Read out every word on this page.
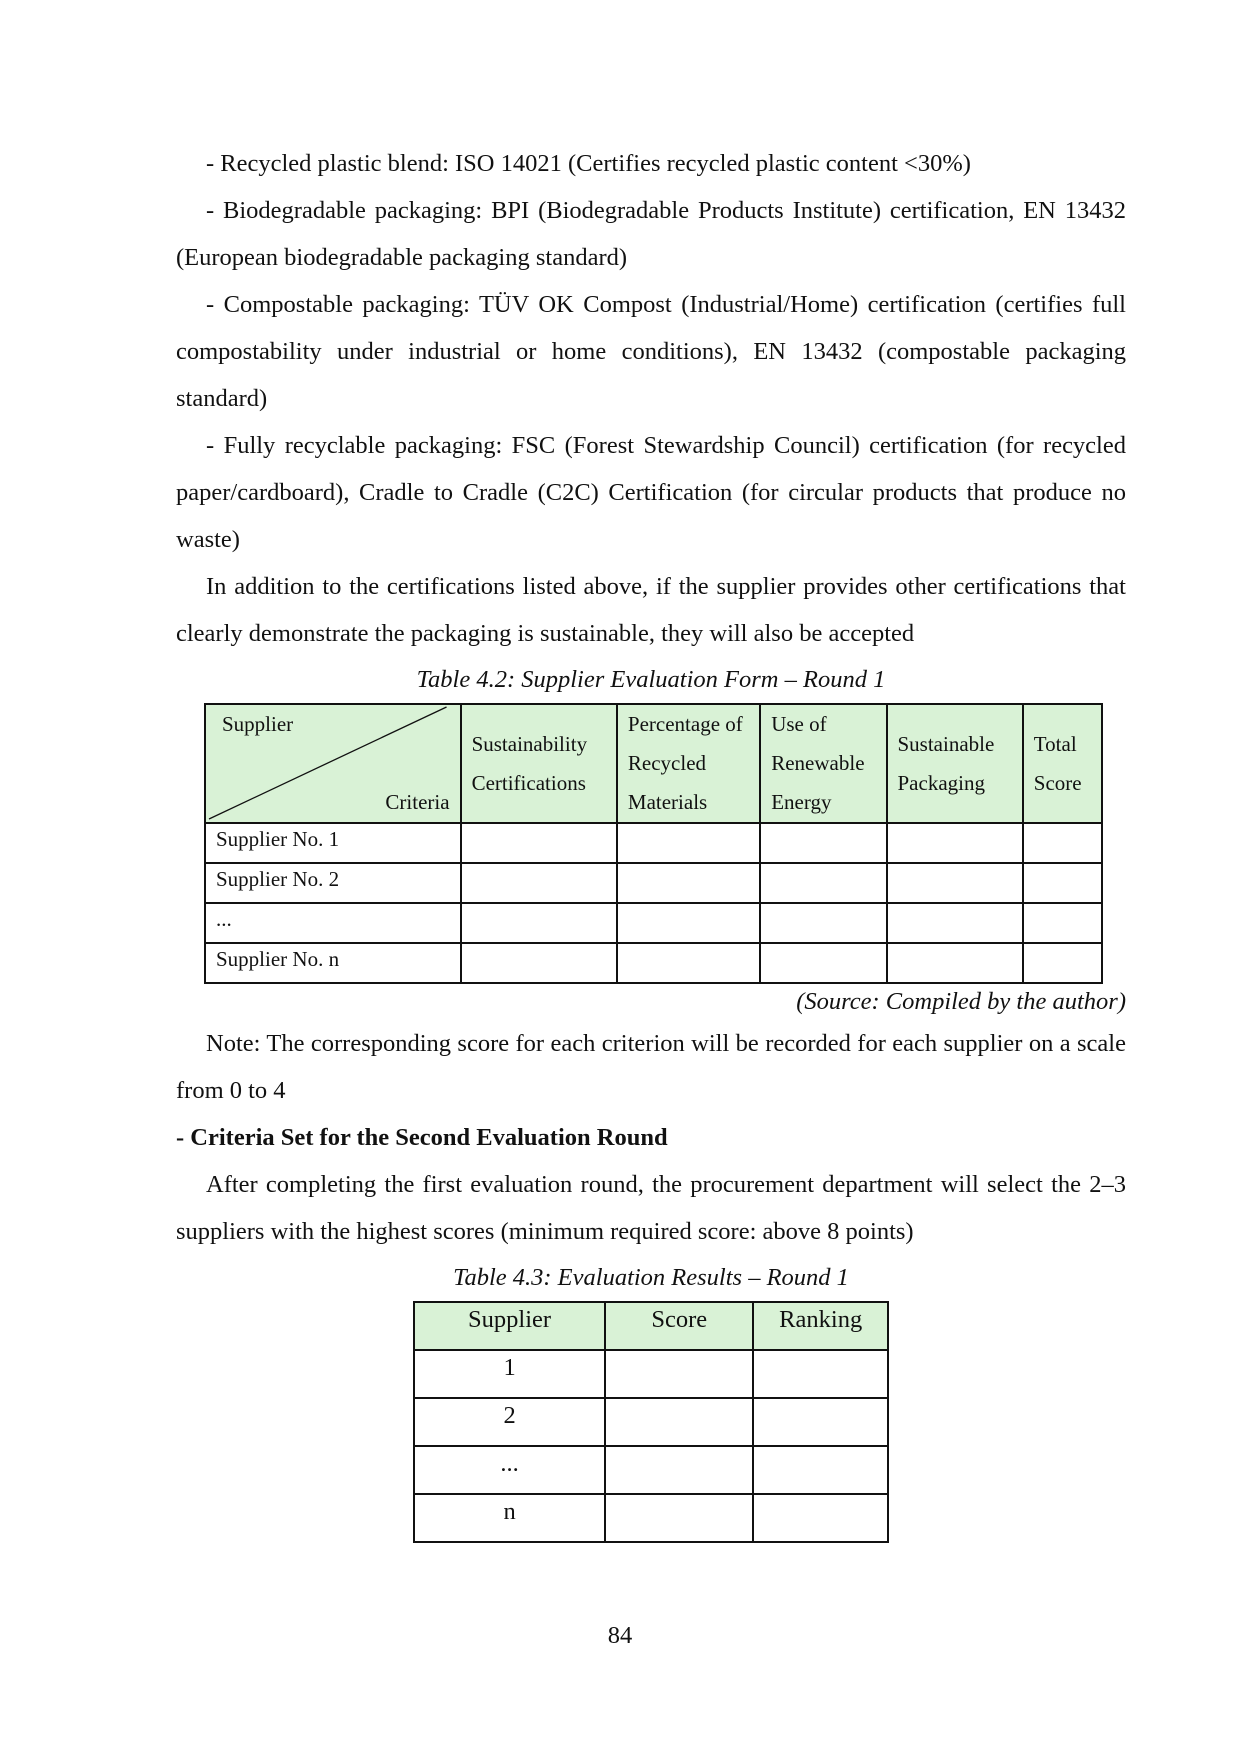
- Recycled plastic blend: ISO 14021 (Certifies recycled plastic content <30%)

- Biodegradable packaging: BPI (Biodegradable Products Institute) certification, EN 13432 (European biodegradable packaging standard)

- Compostable packaging: TÜV OK Compost (Industrial/Home) certification (certifies full compostability under industrial or home conditions), EN 13432 (compostable packaging standard)

- Fully recyclable packaging: FSC (Forest Stewardship Council) certification (for recycled paper/cardboard), Cradle to Cradle (C2C) Certification (for circular products that produce no waste)

In addition to the certifications listed above, if the supplier provides other certifications that clearly demonstrate the packaging is sustainable, they will also be accepted

Table 4.2: Supplier Evaluation Form – Round 1

Supplier
Criteria	Sustainability Certifications	Percentage of Recycled Materials	Use of Renewable Energy	Sustainable Packaging	Total Score
Supplier No. 1					
Supplier No. 2					
...					
Supplier No. n					

(Source: Compiled by the author)

Note: The corresponding score for each criterion will be recorded for each supplier on a scale from 0 to 4

- Criteria Set for the Second Evaluation Round

After completing the first evaluation round, the procurement department will select the 2–3 suppliers with the highest scores (minimum required score: above 8 points)

Table 4.3: Evaluation Results – Round 1

Supplier	Score	Ranking
1		
2		
...		
n		
84
